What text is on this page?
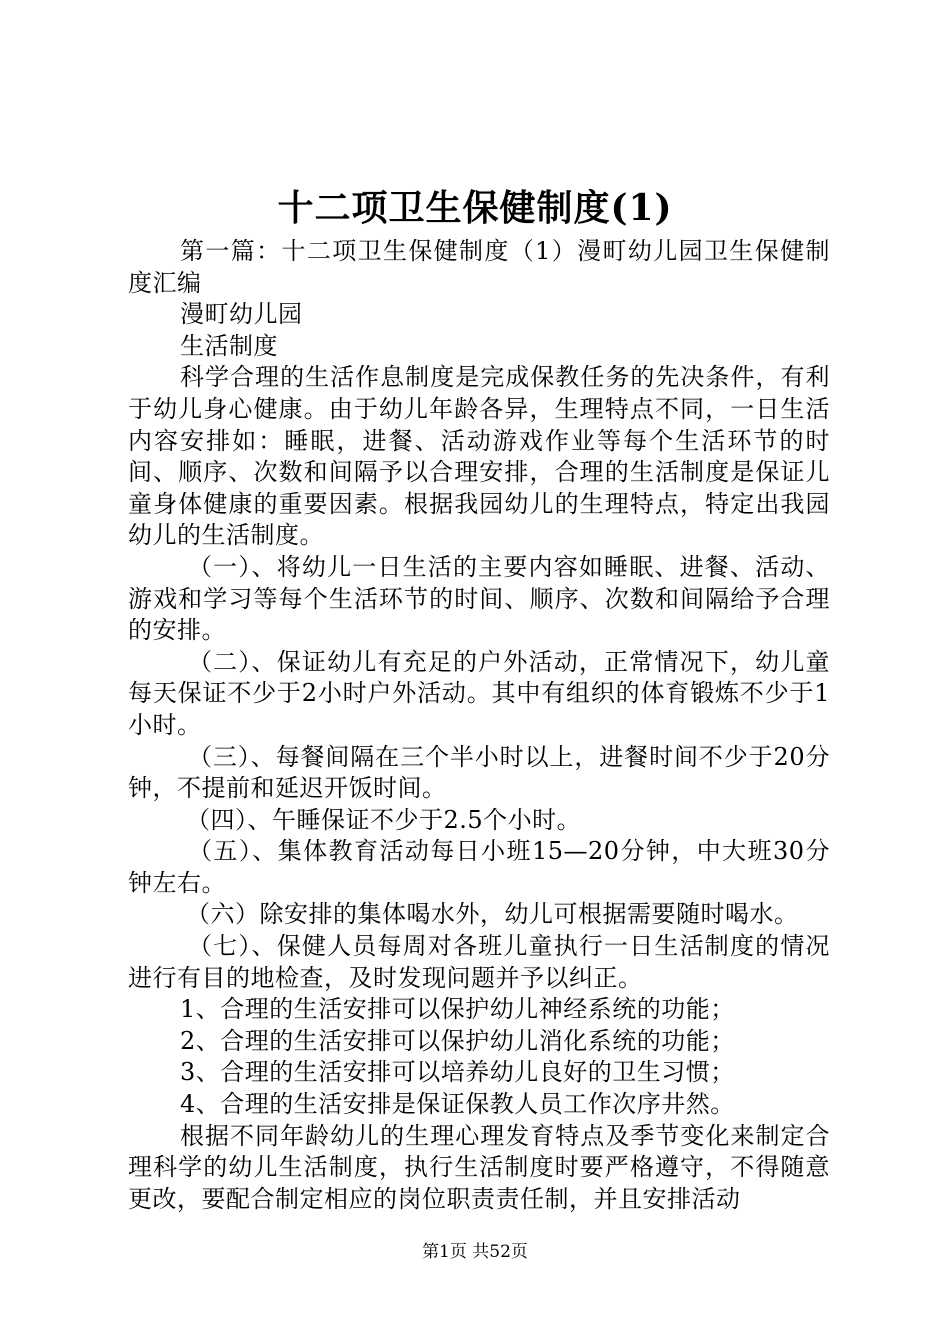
十二项卫生保健制度(1)

第一篇：十二项卫生保健制度（1）漫町幼儿园卫生保健制度汇编

漫町幼儿园

生活制度

科学合理的生活作息制度是完成保教任务的先决条件，有利于幼儿身心健康。由于幼儿年龄各异，生理特点不同，一日生活内容安排如：睡眠，进餐、活动游戏作业等每个生活环节的时间、顺序、次数和间隔予以合理安排，合理的生活制度是保证儿童身体健康的重要因素。根据我园幼儿的生理特点，特定出我园幼儿的生活制度。

（一）、将幼儿一日生活的主要内容如睡眠、进餐、活动、游戏和学习等每个生活环节的时间、顺序、次数和间隔给予合理的安排。

（二）、保证幼儿有充足的户外活动，正常情况下，幼儿童每天保证不少于2小时户外活动。其中有组织的体育锻炼不少于1小时。

（三）、每餐间隔在三个半小时以上，进餐时间不少于20分钟，不提前和延迟开饭时间。

（四）、午睡保证不少于2.5个小时。

（五）、集体教育活动每日小班15—20分钟，中大班30分钟左右。

（六）除安排的集体喝水外，幼儿可根据需要随时喝水。

（七）、保健人员每周对各班儿童执行一日生活制度的情况进行有目的地检查，及时发现问题并予以纠正。

1、合理的生活安排可以保护幼儿神经系统的功能；

2、合理的生活安排可以保护幼儿消化系统的功能；

3、合理的生活安排可以培养幼儿良好的卫生习惯；

4、合理的生活安排是保证保教人员工作次序井然。

根据不同年龄幼儿的生理心理发育特点及季节变化来制定合理科学的幼儿生活制度，执行生活制度时要严格遵守，不得随意更改，要配合制定相应的岗位职责责任制，并且安排活动

第1页 共52页
